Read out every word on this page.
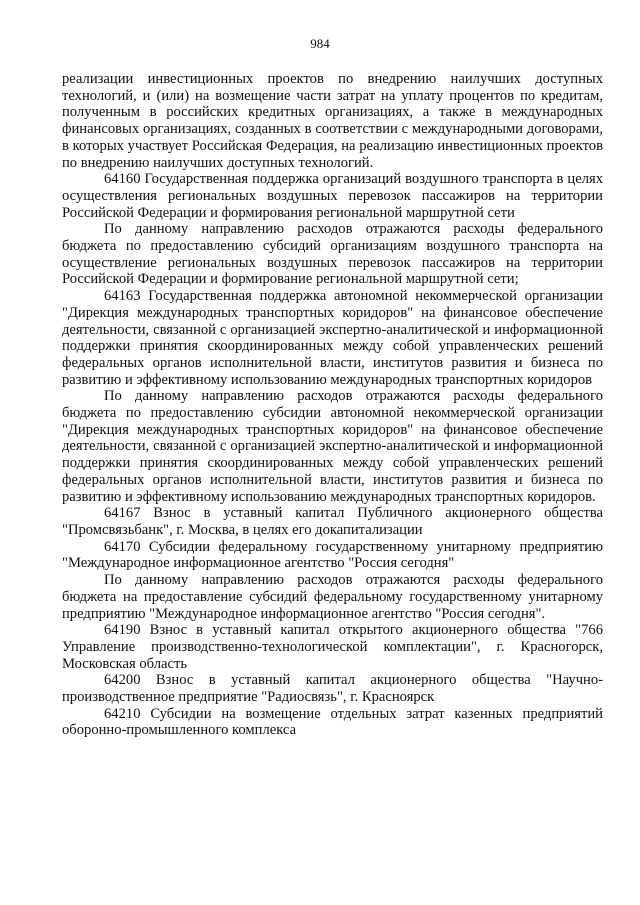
984

реализации инвестиционных проектов по внедрению наилучших доступных технологий, и (или) на возмещение части затрат на уплату процентов по кредитам, полученным в российских кредитных организациях, а также в международных финансовых организациях, созданных в соответствии с международными договорами, в которых участвует Российская Федерация, на реализацию инвестиционных проектов по внедрению наилучших доступных технологий.

64160 Государственная поддержка организаций воздушного транспорта в целях осуществления региональных воздушных перевозок пассажиров на территории Российской Федерации и формирования региональной маршрутной сети

По данному направлению расходов отражаются расходы федерального бюджета по предоставлению субсидий организациям воздушного транспорта на осуществление региональных воздушных перевозок пассажиров на территории Российской Федерации и формирование региональной маршрутной сети;

64163 Государственная поддержка автономной некоммерческой организации "Дирекция международных транспортных коридоров" на финансовое обеспечение деятельности, связанной с организацией экспертно-аналитической и информационной поддержки принятия скоординированных между собой управленческих решений федеральных органов исполнительной власти, институтов развития и бизнеса по развитию и эффективному использованию международных транспортных коридоров

По данному направлению расходов отражаются расходы федерального бюджета по предоставлению субсидии автономной некоммерческой организации "Дирекция международных транспортных коридоров" на финансовое обеспечение деятельности, связанной с организацией экспертно-аналитической и информационной поддержки принятия скоординированных между собой управленческих решений федеральных органов исполнительной власти, институтов развития и бизнеса по развитию и эффективному использованию международных транспортных коридоров.

64167 Взнос в уставный капитал Публичного акционерного общества "Промсвязьбанк", г. Москва, в целях его докапитализации

64170 Субсидии федеральному государственному унитарному предприятию "Международное информационное агентство "Россия сегодня"

По данному направлению расходов отражаются расходы федерального бюджета на предоставление субсидий федеральному государственному унитарному предприятию "Международное информационное агентство "Россия сегодня".

64190 Взнос в уставный капитал открытого акционерного общества "766 Управление производственно-технологической комплектации", г. Красногорск, Московская область

64200 Взнос в уставный капитал акционерного общества "Научно-производственное предприятие "Радиосвязь", г. Красноярск

64210 Субсидии на возмещение отдельных затрат казенных предприятий оборонно-промышленного комплекса
